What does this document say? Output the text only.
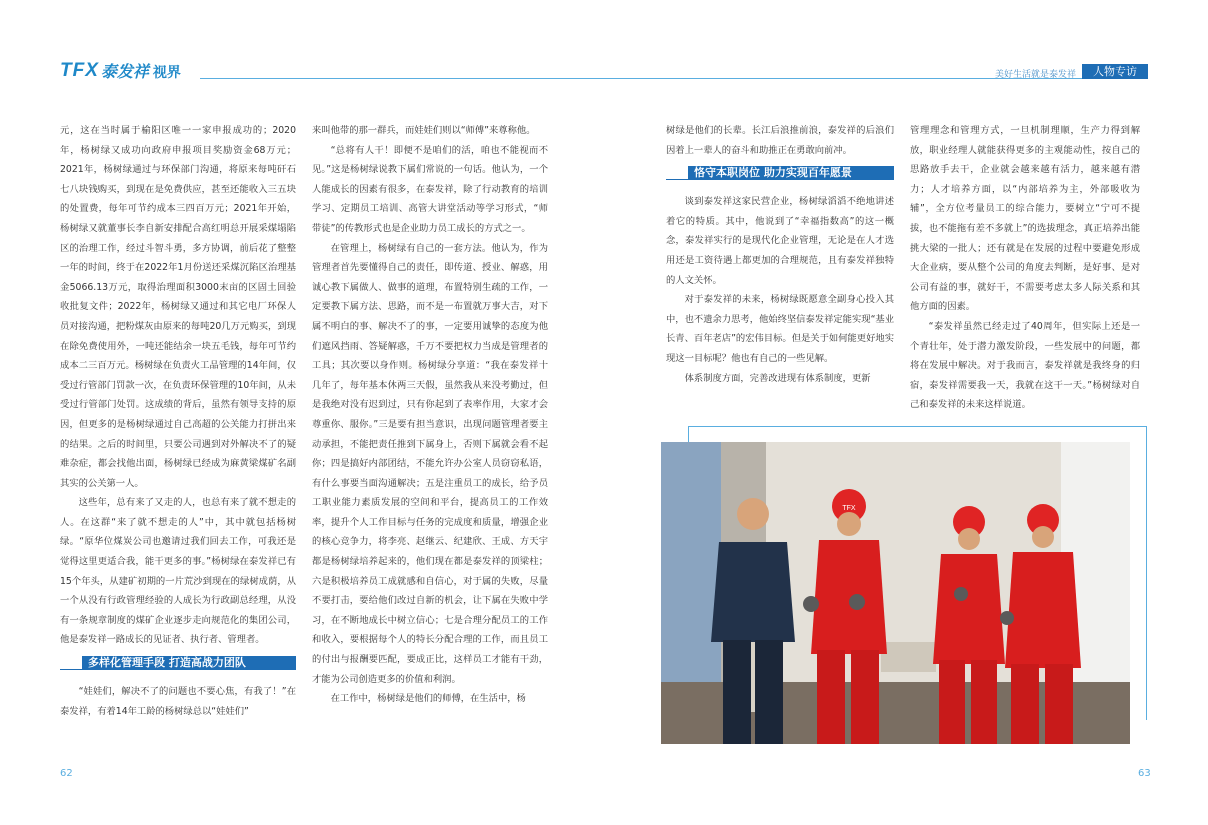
TFX 泰发祥 视界	美好生活就是泰发祥	人物专访

元，这在当时属于榆阳区唯一一家申报成功的；2020年，杨树绿又成功向政府申报项目奖励资金68万元；2021年，杨树绿通过与环保部门沟通，将原来每吨矸石七八块钱购买，到现在是免费供应，甚至还能收入三五块的处置费，每年可节约成本三四百万元；2021年开始，杨树绿又就董事长李自新安排配合高红明总开展采煤塌陷区的治理工作，经过斗智斗勇，多方协调，前后花了整整一年的时间，终于在2022年1月份送还采煤沉陷区治理基金5066.13万元，取得治理面积3000末亩的区固土回验收批复文件；2022年，杨树绿又通过和其它电厂环保人员对接沟通，把粉煤灰由原来的每吨20几万元购买，到现在除免费使用外，一吨还能结余一块五毛钱，每年可节约成本二三百万元。杨树绿在负责火工品管理的14年间，仅受过行管部门罚款一次，在负责环保管理的10年间，从未受过行管部门处罚。这成绩的背后，虽然有领导支持的原因，但更多的是杨树绿通过自己高超的公关能力打拼出来的结果。之后的时间里，只要公司遇到对外解决不了的疑难杂症，都会找他出面，杨树绿已经成为麻黄梁煤矿名副其实的公关第一人。

这些年，总有来了又走的人，也总有来了就不想走的人。在这群“来了就不想走的人”中，其中就包括杨树绿。“原华位煤炭公司也邀请过我们回去工作，可我还是觉得这里更适合我，能干更多的事。”杨树绿在泰发祥已有15个年头，从建矿初期的一片荒沙到现在的绿树成荫，从一个从没有行政管理经验的人成长为行政副总经理，从没有一条规章制度的煤矿企业逐步走向规范化的集团公司，他是泰发祥一路成长的见证者、执行者、管理者。

多样化管理手段 打造高战力团队

“娃娃们，解决不了的问题也不要心焦，有我了！”在泰发祥，有着14年工龄的杨树绿总以“娃娃们”

来叫他带的那一群兵，而娃娃们则以“师傅”来尊称他。

“总将有人干！即便不是咱们的活，咱也不能视而不见。”这是杨树绿说教下属们常说的一句话。他认为，一个人能成长的因素有很多，在泰发祥，除了行动教育的培训学习、定期员工培训、高管大讲堂活动等学习形式，“师带徒”的传教形式也是企业助力员工成长的方式之一。

在管理上，杨树绿有自己的一套方法。他认为，作为管理者首先要懂得自己的责任，即传道、授业、解惑，用诚心教下属做人、做事的道理，布置特别生疏的工作，一定要教下属方法、思路，而不是一布置就万事大吉，对下属不明白的事、解决不了的事，一定要用诚挚的态度为他们遮风挡雨、答疑解惑，千万不要把权力当成是管理者的工具；其次要以身作则。杨树绿分享道：“我在泰发祥十几年了，每年基本休两三天假，虽然我从来没考勤过，但是我绝对没有迟到过，只有你起到了表率作用，大家才会尊重你、服你。”三是要有担当意识，出现问题管理者要主动承担，不能把责任推到下属身上，否则下属就会看不起你；四是搞好内部团结，不能允许办公室人员窃窃私语，有什么事要当面沟通解决；五是注重员工的成长，给予员工职业能力素质发展的空间和平台，提高员工的工作效率，提升个人工作目标与任务的完成度和质量，增强企业的核心竞争力，将李亮、赵继云、纪建欣、王成、方天宇都是杨树绿培养起来的，他们现在都是泰发祥的顶梁柱；六是积极培养员工成就感和自信心，对于属的失败，尽量不要打击，要给他们改过自新的机会，让下属在失败中学习，在不断地成长中树立信心；七是合理分配员工的工作和收入，要根据每个人的特长分配合理的工作，而且员工的付出与报酬要匹配，要成正比，这样员工才能有干劲，才能为公司创造更多的价值和利润。

在工作中，杨树绿是他们的师傅，在生活中，杨

树绿是他们的长辈。长江后浪推前浪，泰发祥的后浪们因着上一辈人的奋斗和助推正在勇敢向前冲。

恪守本职岗位 助力实现百年愿景

谈到泰发祥这家民营企业，杨树绿滔滔不绝地讲述着它的特质。其中，他说到了“幸福指数高”的这一概念，泰发祥实行的是现代化企业管理，无论是在人才选用还是工资待遇上都更加的合理规范，且有泰发祥独特的人文关怀。

对于泰发祥的未来，杨树绿既愿意全副身心投入其中，也不遗余力思考，他始终坚信泰发祥定能实现“基业长青、百年老店”的宏伟目标。但是关于如何能更好地实现这一目标呢？他也有自己的一些见解。

体系制度方面，完善改进现有体系制度，更新

管理理念和管理方式，一旦机制理顺，生产力得到解放，职业经理人就能获得更多的主观能动性，按自己的思路放手去干，企业就会越来越有活力，越来越有潜力；人才培养方面，以“内部培养为主，外部吸收为辅”，全方位考量员工的综合能力，要树立“宁可不提拔，也不能拖有差不多就上”的选拔理念，真正培养出能挑大梁的一批人；还有就是在发展的过程中要避免形成大企业病，要从整个公司的角度去判断，是好事、是对公司有益的事，就好干，不需要考虑太多人际关系和其他方面的因素。

“泰发祥虽然已经走过了40周年，但实际上还是一个青壮年，处于潜力激发阶段，一些发展中的问题，都将在发展中解决。对于我而言，泰发祥就是我终身的归宿，泰发祥需要我一天，我就在这干一天。”杨树绿对自己和泰发祥的未来这样说道。

TFX
62	63
